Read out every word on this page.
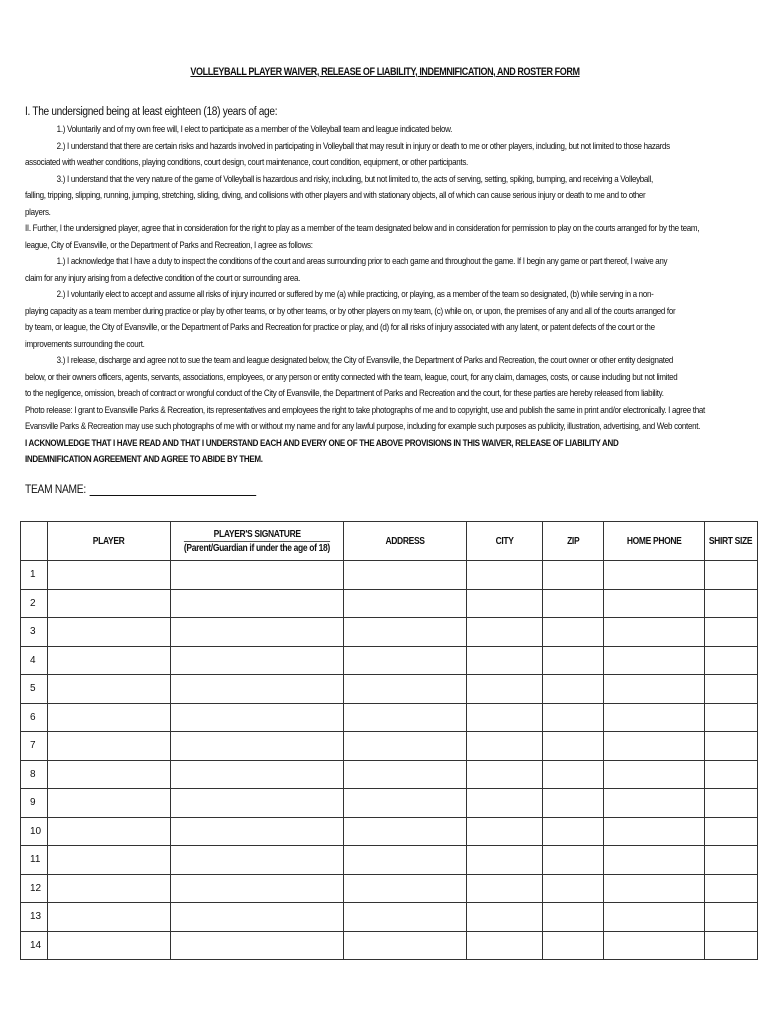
VOLLEYBALL PLAYER WAIVER, RELEASE OF LIABILITY, INDEMNIFICATION, AND ROSTER FORM

I. The undersigned being at least eighteen (18) years of age:

1.) Voluntarily and of my own free will, I elect to participate as a member of the Volleyball team and league indicated below.

2.) I understand that there are certain risks and hazards involved in participating in Volleyball that may result in injury or death to me or other players, including, but not limited to those hazards

associated with weather conditions, playing conditions, court design, court maintenance, court condition, equipment, or other participants.

3.) I understand that the very nature of the game of Volleyball is hazardous and risky, including, but not limited to, the acts of serving, setting, spiking, bumping, and receiving a Volleyball,

falling, tripping, slipping, running, jumping, stretching, sliding, diving, and collisions with other players and with stationary objects, all of which can cause serious injury or death to me and to other

players.

II. Further, I the undersigned player, agree that in consideration for the right to play as a member of the team designated below and in consideration for permission to play on the courts arranged for by the team,

league, City of Evansville, or the Department of Parks and Recreation, I agree as follows:

1.) I acknowledge that I have a duty to inspect the conditions of the court and areas surrounding prior to each game and throughout the game. If I begin any game or part thereof, I waive any

claim for any injury arising from a defective condition of the court or surrounding area.

2.) I voluntarily elect to accept and assume all risks of injury incurred or suffered by me (a) while practicing, or playing, as a member of the team so designated, (b) while serving in a non-

playing capacity as a team member during practice or play by other teams, or by other teams, or by other players on my team, (c) while on, or upon, the premises of any and all of the courts arranged for

by team, or league, the City of Evansville, or the Department of Parks and Recreation for practice or play, and (d) for all risks of injury associated with any latent, or patent defects of the court or the

improvements surrounding the court.

3.) I release, discharge and agree not to sue the team and league designated below, the City of Evansville, the Department of Parks and Recreation, the court owner or other entity designated

below, or their owners officers, agents, servants, associations, employees, or any person or entity connected with the team, league, court, for any claim, damages, costs, or cause including but not limited

to the negligence, omission, breach of contract or wrongful conduct of the City of Evansville, the Department of Parks and Recreation and the court, for these parties are hereby released from liability.

Photo release: I grant to Evansville Parks & Recreation, its representatives and employees the right to take photographs of me and to copyright, use and publish the same in print and/or electronically. I agree that

Evansville Parks & Recreation may use such photographs of me with or without my name and for any lawful purpose, including for example such purposes as publicity, illustration, advertising, and Web content.

I ACKNOWLEDGE THAT I HAVE READ AND THAT I UNDERSTAND EACH AND EVERY ONE OF THE ABOVE PROVISIONS IN THIS WAIVER, RELEASE OF LIABILITY AND

INDEMNIFICATION AGREEMENT AND AGREE TO ABIDE BY THEM.

TEAM NAME:
	PLAYER	PLAYER'S SIGNATURE
(Parent/Guardian if under the age of 18)	ADDRESS	CITY	ZIP	HOME PHONE	SHIRT SIZE
1							
2							
3							
4							
5							
6							
7							
8							
9							
10							
11							
12							
13							
14							
